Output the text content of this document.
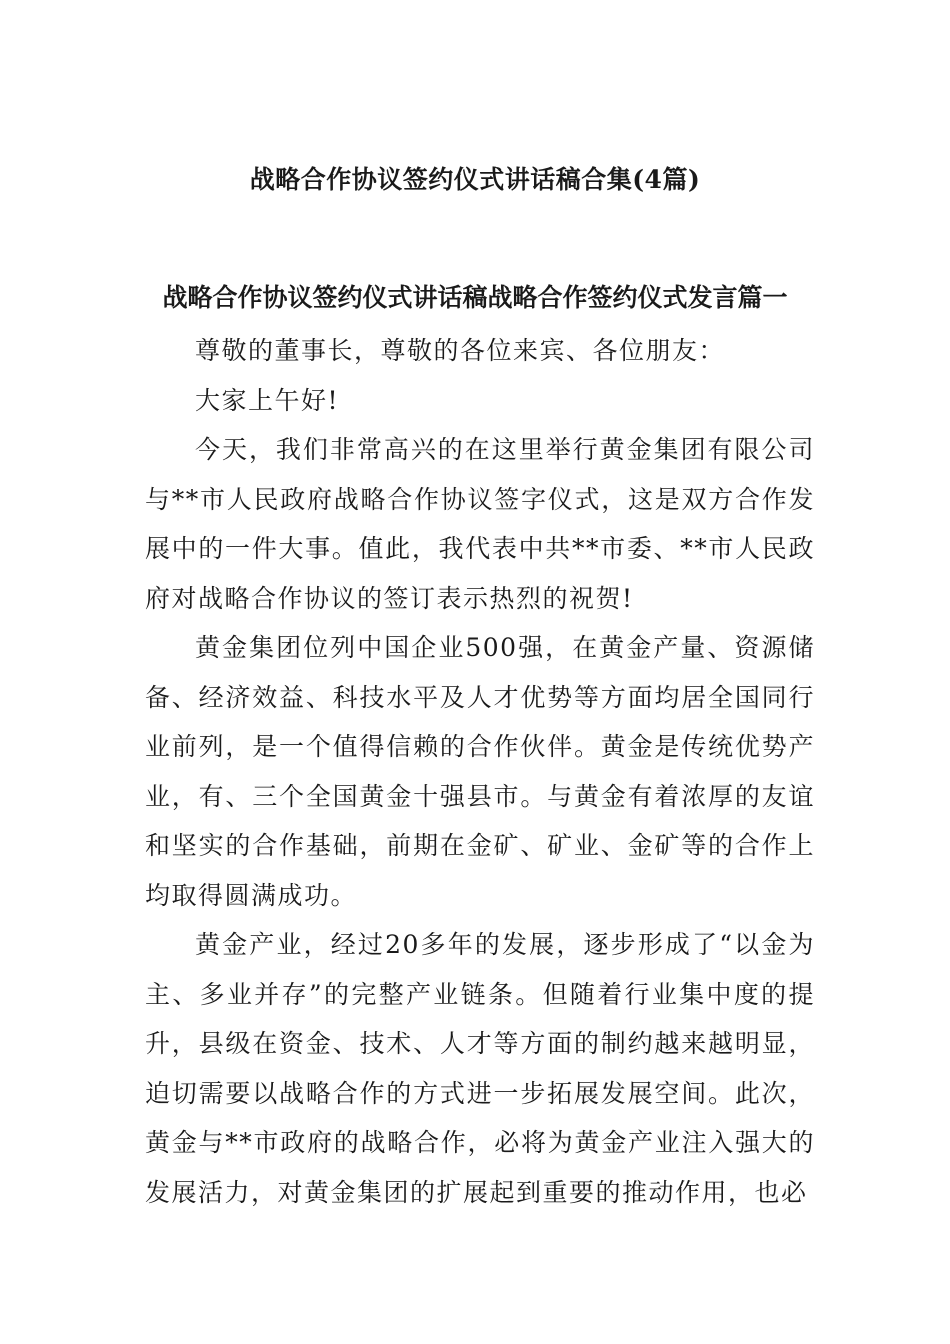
战略合作协议签约仪式讲话稿合集(4篇)
战略合作协议签约仪式讲话稿战略合作签约仪式发言篇一

尊敬的董事长，尊敬的各位来宾、各位朋友：

大家上午好!

今天，我们非常高兴的在这里举行黄金集团有限公司与**市人民政府战略合作协议签字仪式，这是双方合作发展中的一件大事。值此，我代表中共**市委、**市人民政府对战略合作协议的签订表示热烈的祝贺!

黄金集团位列中国企业500强，在黄金产量、资源储备、经济效益、科技水平及人才优势等方面均居全国同行业前列，是一个值得信赖的合作伙伴。黄金是传统优势产业，有、三个全国黄金十强县市。与黄金有着浓厚的友谊和坚实的合作基础，前期在金矿、矿业、金矿等的合作上均取得圆满成功。

黄金产业，经过20多年的发展，逐步形成了“以金为主、多业并存”的完整产业链条。但随着行业集中度的提升，县级在资金、技术、人才等方面的制约越来越明显，迫切需要以战略合作的方式进一步拓展发展空间。此次，黄金与**市政府的战略合作，必将为黄金产业注入强大的发展活力，对黄金集团的扩展起到重要的推动作用，也必
